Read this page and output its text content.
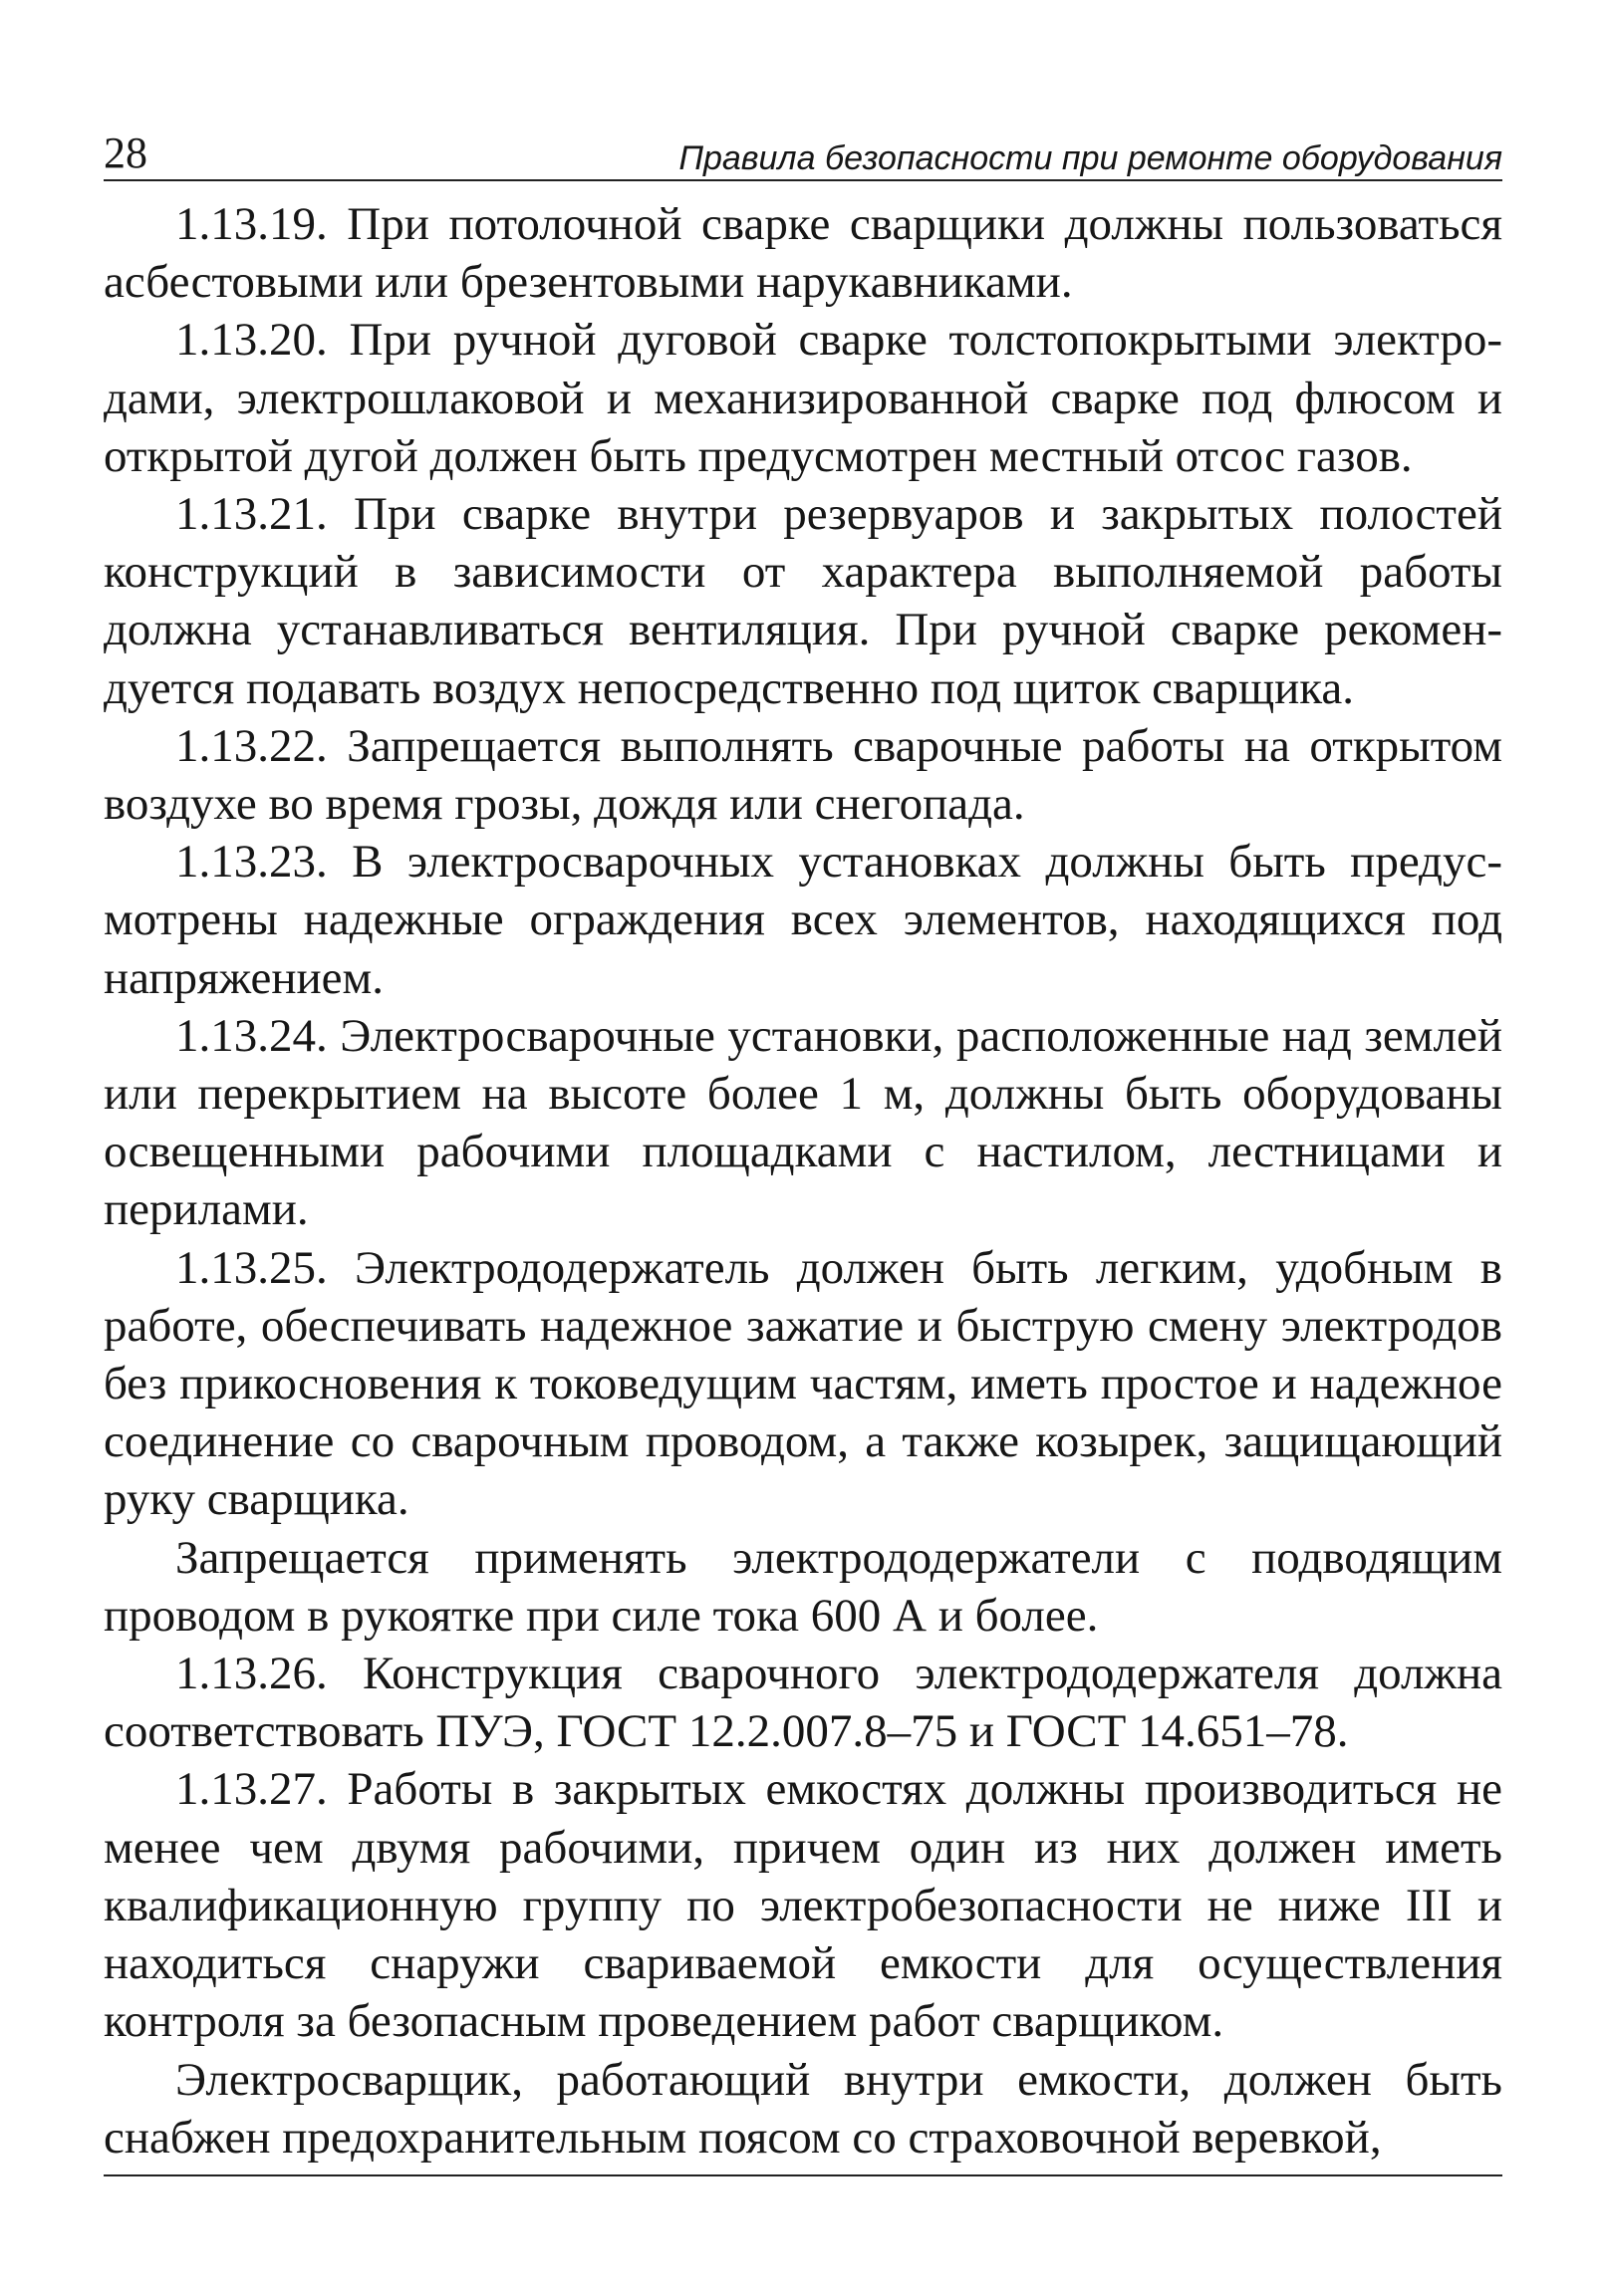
28	Правила безопасности при ремонте оборудования

1.13.19. При потолочной сварке сварщики должны пользоваться асбестовыми или брезентовыми нарукавниками.

1.13.20. При ручной дуговой сварке толстопокрытыми электродами, электрошлаковой и механизированной сварке под флюсом и открытой дугой должен быть предусмотрен местный отсос газов.

1.13.21. При сварке внутри резервуаров и закрытых полостей конструкций в зависимости от характера выполняемой работы должна устанавливаться вентиляция. При ручной сварке рекомендуется подавать воздух непосредственно под щиток сварщика.

1.13.22. Запрещается выполнять сварочные работы на открытом воздухе во время грозы, дождя или снегопада.

1.13.23. В электросварочных установках должны быть предусмотрены надежные ограждения всех элементов, находящихся под напряжением.

1.13.24. Электросварочные установки, расположенные над землей или перекрытием на высоте более 1 м, должны быть оборудованы освещенными рабочими площадками с настилом, лестницами и перилами.

1.13.25. Электрододержатель должен быть легким, удобным в работе, обеспечивать надежное зажатие и быструю смену электродов без прикосновения к токоведущим частям, иметь простое и надежное соединение со сварочным проводом, а также козырек, защищающий руку сварщика.

Запрещается применять электрододержатели с подводящим проводом в рукоятке при силе тока 600 А и более.

1.13.26. Конструкция сварочного электрододержателя должна соответствовать ПУЭ, ГОСТ 12.2.007.8–75 и ГОСТ 14.651–78.

1.13.27. Работы в закрытых емкостях должны производиться не менее чем двумя рабочими, причем один из них должен иметь квалификационную группу по электробезопасности не ниже III и находиться снаружи свариваемой емкости для осуществления контроля за безопасным проведением работ сварщиком.

Электросварщик, работающий внутри емкости, должен быть снабжен предохранительным поясом со страховочной веревкой,
